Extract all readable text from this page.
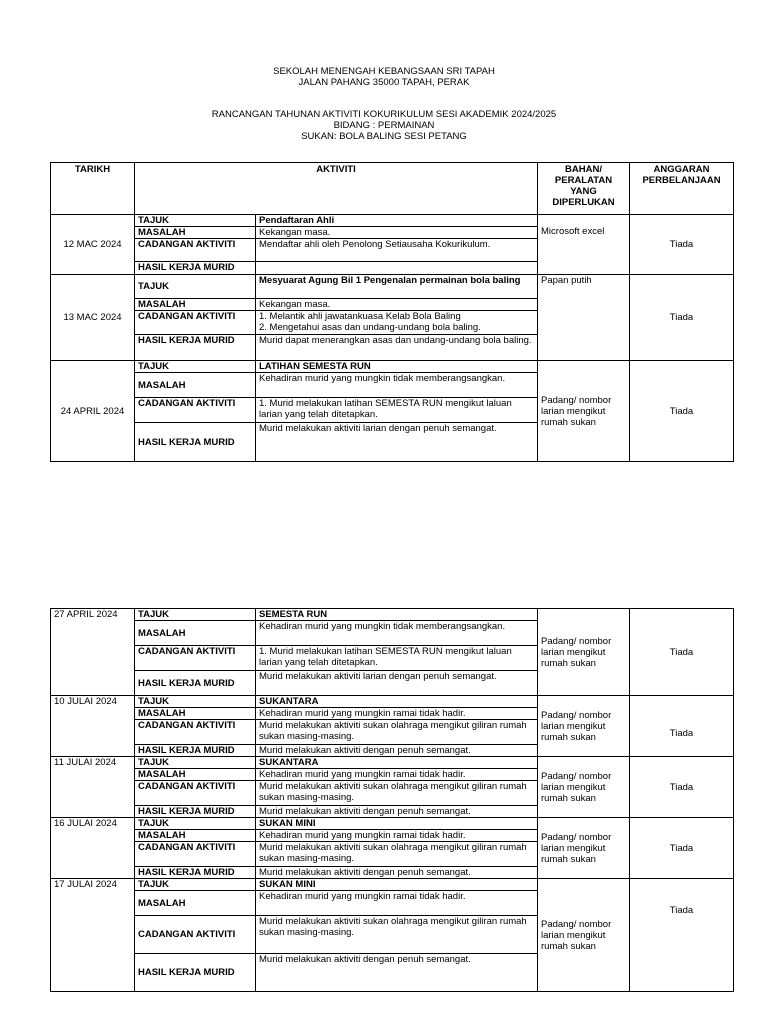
SEKOLAH MENENGAH KEBANGSAAN SRI TAPAH
JALAN PAHANG 35000 TAPAH, PERAK
RANCANGAN TAHUNAN AKTIVITI KOKURIKULUM SESI AKADEMIK 2024/2025
BIDANG : PERMAINAN
SUKAN: BOLA BALING SESI PETANG
TARIKH	AKTIVITI		BAHAN/ PERALATAN YANG DIPERLUKAN	ANGGARAN PERBELANJAAN
12 MAC 2024	TAJUK	Pendaftaran Ahli	Microsoft excel	Tiada
	MASALAH	Kekangan masa.		
	CADANGAN AKTIVITI	Mendaftar ahli oleh Penolong Setiausaha Kokurikulum.		
	HASIL KERJA MURID			
13 MAC 2024	TAJUK	Mesyuarat Agung Bil 1 Pengenalan permainan bola baling	Papan putih	Tiada
	MASALAH	Kekangan masa.		
	CADANGAN AKTIVITI	1. Melantik ahli jawatankuasa Kelab Bola Baling
2. Mengetahui asas dan undang-undang bola baling.		
	HASIL KERJA MURID	Murid dapat menerangkan asas dan undang-undang bola baling.		
24 APRIL 2024	TAJUK	LATIHAN SEMESTA RUN	Padang/ nombor larian mengikut rumah sukan	Tiada
	MASALAH	Kehadiran murid yang mungkin tidak memberangsangkan.		
	CADANGAN AKTIVITI	1. Murid melakukan latihan SEMESTA RUN mengikut laluan larian yang telah ditetapkan.		
	HASIL KERJA MURID	Murid melakukan aktiviti larian dengan penuh semangat.		
27 APRIL 2024	TAJUK	SEMESTA RUN	Padang/ nombor larian mengikut rumah sukan	Tiada
	MASALAH	Kehadiran murid yang mungkin tidak memberangsangkan.		
	CADANGAN AKTIVITI	1. Murid melakukan latihan SEMESTA RUN mengikut laluan larian yang telah ditetapkan.		
	HASIL KERJA MURID	Murid melakukan aktiviti larian dengan penuh semangat.		
10 JULAI 2024	TAJUK	SUKANTARA	Padang/ nombor larian mengikut rumah sukan	Tiada
	MASALAH	Kehadiran murid yang mungkin ramai tidak hadir.		
	CADANGAN AKTIVITI	Murid melakukan aktiviti sukan olahraga mengikut giliran rumah sukan masing-masing.		
	HASIL KERJA MURID	Murid melakukan aktiviti dengan penuh semangat.		
11 JULAI 2024	TAJUK	SUKANTARA	Padang/ nombor larian mengikut rumah sukan	Tiada
	MASALAH	Kehadiran murid yang mungkin ramai tidak hadir.		
	CADANGAN AKTIVITI	Murid melakukan aktiviti sukan olahraga mengikut giliran rumah sukan masing-masing.		
	HASIL KERJA MURID	Murid melakukan aktiviti dengan penuh semangat.		
16 JULAI 2024	TAJUK	SUKAN MINI	Padang/ nombor larian mengikut rumah sukan	Tiada
	MASALAH	Kehadiran murid yang mungkin ramai tidak hadir.		
	CADANGAN AKTIVITI	Murid melakukan aktiviti sukan olahraga mengikut giliran rumah sukan masing-masing.		
	HASIL KERJA MURID	Murid melakukan aktiviti dengan penuh semangat.		
17 JULAI 2024	TAJUK	SUKAN MINI	Padang/ nombor larian mengikut rumah sukan	Tiada
	MASALAH	Kehadiran murid yang mungkin ramai tidak hadir.		
	CADANGAN AKTIVITI	Murid melakukan aktiviti sukan olahraga mengikut giliran rumah sukan masing-masing.		
	HASIL KERJA MURID	Murid melakukan aktiviti dengan penuh semangat.		
